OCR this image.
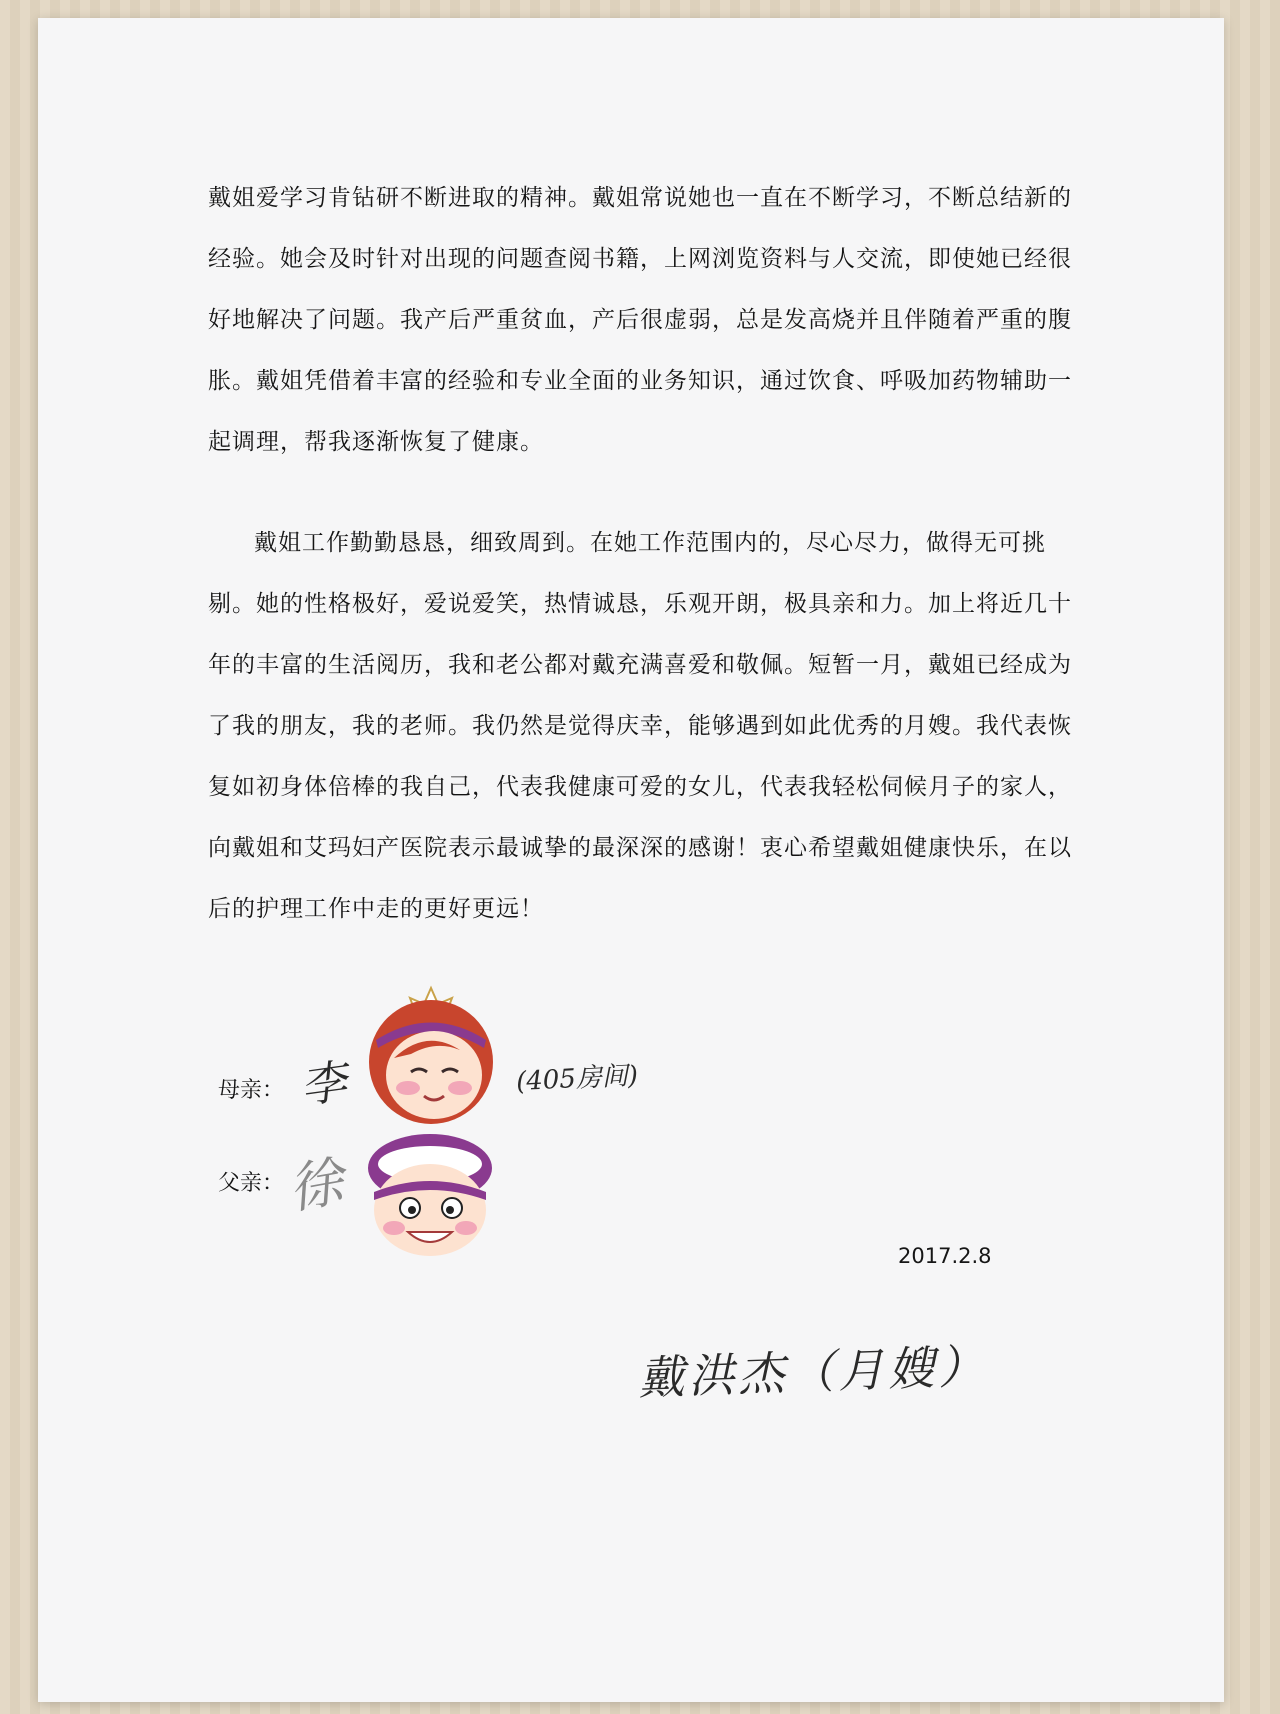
戴姐爱学习肯钻研不断进取的精神。戴姐常说她也一直在不断学习，不断总结新的经验。她会及时针对出现的问题查阅书籍，上网浏览资料与人交流，即使她已经很好地解决了问题。我产后严重贫血，产后很虚弱，总是发高烧并且伴随着严重的腹胀。戴姐凭借着丰富的经验和专业全面的业务知识，通过饮食、呼吸加药物辅助一起调理，帮我逐渐恢复了健康。

戴姐工作勤勤恳恳，细致周到。在她工作范围内的，尽心尽力，做得无可挑剔。她的性格极好，爱说爱笑，热情诚恳，乐观开朗，极具亲和力。加上将近几十年的丰富的生活阅历，我和老公都对戴充满喜爱和敬佩。短暂一月，戴姐已经成为了我的朋友，我的老师。我仍然是觉得庆幸，能够遇到如此优秀的月嫂。我代表恢复如初身体倍棒的我自己，代表我健康可爱的女儿，代表我轻松伺候月子的家人，向戴姐和艾玛妇产医院表示最诚挚的最深深的感谢！衷心希望戴姐健康快乐，在以后的护理工作中走的更好更远！

母亲： 李	(405房间)
父亲： 徐
2017.2.8
戴洪杰（月嫂）
